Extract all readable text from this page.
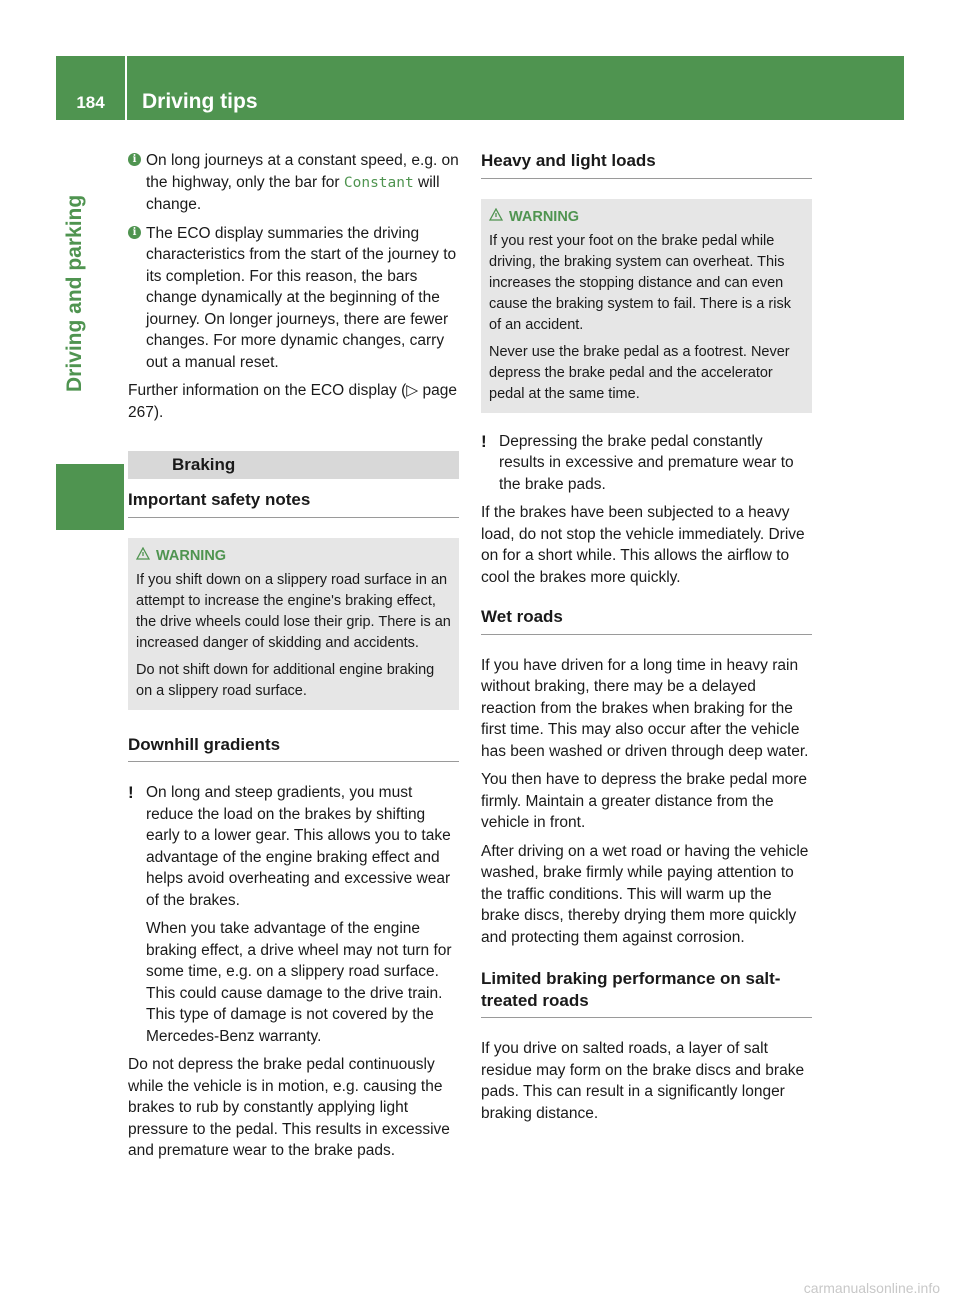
184	Driving tips
Driving and parking
i On long journeys at a constant speed, e.g. on the highway, only the bar for Constant will change.
i The ECO display summaries the driving characteristics from the start of the journey to its completion. For this reason, the bars change dynamically at the beginning of the journey. On longer journeys, there are fewer changes. For more dynamic changes, carry out a manual reset.

Further information on the ECO display (▷ page 267).

Braking
Important safety notes
WARNING

If you shift down on a slippery road surface in an attempt to increase the engine's braking effect, the drive wheels could lose their grip. There is an increased danger of skidding and accidents.

Do not shift down for additional engine braking on a slippery road surface.

Downhill gradients
! On long and steep gradients, you must reduce the load on the brakes by shifting early to a lower gear. This allows you to take advantage of the engine braking effect and helps avoid overheating and excessive wear of the brakes.

When you take advantage of the engine braking effect, a drive wheel may not turn for some time, e.g. on a slippery road surface. This could cause damage to the drive train. This type of damage is not covered by the Mercedes-Benz warranty.

Do not depress the brake pedal continuously while the vehicle is in motion, e.g. causing the brakes to rub by constantly applying light pressure to the pedal. This results in excessive and premature wear to the brake pads.

Heavy and light loads
WARNING

If you rest your foot on the brake pedal while driving, the braking system can overheat. This increases the stopping distance and can even cause the braking system to fail. There is a risk of an accident.

Never use the brake pedal as a footrest. Never depress the brake pedal and the accelerator pedal at the same time.

! Depressing the brake pedal constantly results in excessive and premature wear to the brake pads.

If the brakes have been subjected to a heavy load, do not stop the vehicle immediately. Drive on for a short while. This allows the airflow to cool the brakes more quickly.

Wet roads

If you have driven for a long time in heavy rain without braking, there may be a delayed reaction from the brakes when braking for the first time. This may also occur after the vehicle has been washed or driven through deep water.

You then have to depress the brake pedal more firmly. Maintain a greater distance from the vehicle in front.

After driving on a wet road or having the vehicle washed, brake firmly while paying attention to the traffic conditions. This will warm up the brake discs, thereby drying them more quickly and protecting them against corrosion.

Limited braking performance on salt-treated roads

If you drive on salted roads, a layer of salt residue may form on the brake discs and brake pads. This can result in a significantly longer braking distance.

carmanualsonline.info
